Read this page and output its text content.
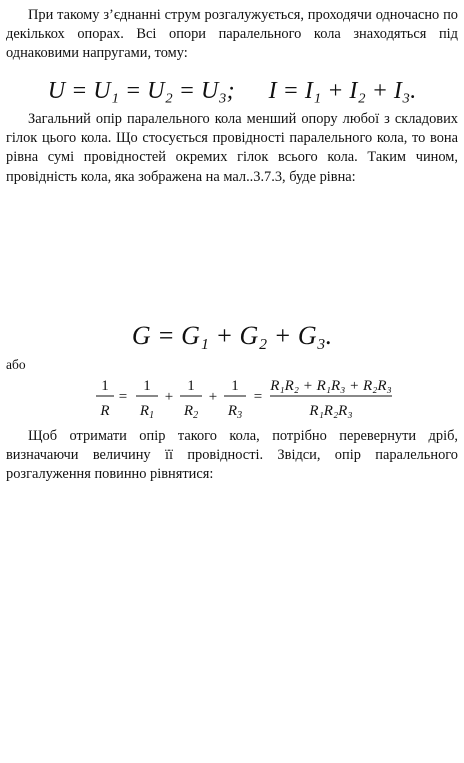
При такому з’єднанні струм розгалужується, проходячи одночасно по декількох опорах. Всі опори паралельного кола знаходяться під однаковими напругами, тому:
U = U₁ = U₂ = U₃; I = I₁ + I₂ + I₃.
Загальний опір паралельного кола менший опору любої з складових гілок цього кола. Що стосується провідності паралельного кола, то вона рівна сумі провідностей окремих гілок всього кола. Таким чином, провідність кола, яка зображена на мал..3.7.3, буде рівна:
G = G₁ + G₂ + G₃.
або
1
R
=
1
$R_1$
+
1
$R_2$
+
1
$R_3$
=
R₁R₂ + R₁R₃ + R₂R₃
R₁R₂R₃
Щоб отримати опір такого кола, потрібно перевернути дріб, визначаючи величину її провідності. Звідси, опір паралельного розгалуження повинно рівнятися:
